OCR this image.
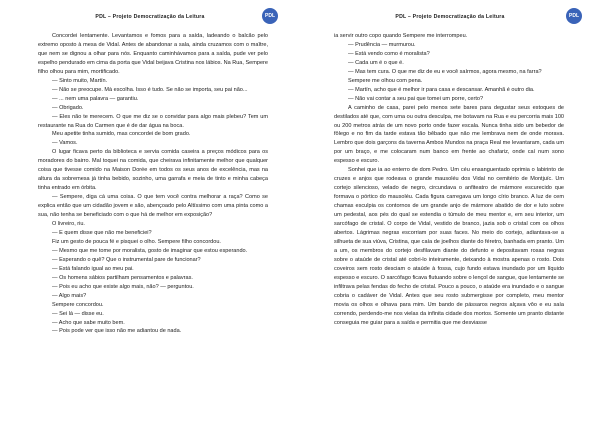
PDL – Projeto Democratização da Leitura	PDL

Concordei lentamente. Levantamos e fomos para a saída, ladeando o balcão pelo extremo oposto à mesa de Vidal. Antes de abandonar a sala, ainda cruzamos com o maître, que nem se dignou a olhar para nós. Enquanto caminhávamos para a saída, pude ver pelo espelho pendurado em cima da porta que Vidal beijava Cristina nos lábios. Na Rua, Sempere filho olhou para mim, mortificado.

— Sinto muito, Martín.

— Não se preocupe. Mà escolha. Isso é tudo. Se não se importa, seu pai não...

— ... nem uma palavra — garantiu.

— Obrigado.

— Eles não te merecem. O que me diz se o convidar para algo mais plebeu? Tem um restaurante na Rua do Carmen que é de dar água na boca.

Meu apetite tinha sumido, mas concordei de bom grado.

— Vamos.

O lugar ficava perto da biblioteca e servia comida caseira a preços módicos para os moradores do bairro. Mal toquei na comida, que cheirava infinitamente melhor que qualquer coisa que tivesse comido na Maison Dorée em todos os seus anos de excelência, mas na altura da sobremesa já tinha bebido, sozinho, uma garrafa e meia de tinto e minha cabeça tinha entrado em órbita.

— Sempere, diga cá uma coisa. O que tem você contra melhorar a raça? Como se explica então que um cidadão jovem e são, abençoado pelo Altíssimo com uma pinta como a sua, não tenha se beneficiado com o que há de melhor em exposição?

O livreiro, riu.

— E quem disse que não me beneficiei?

Fiz um gesto de pouca fé e pisquei o olho. Sempere filho concordou.

— Mesmo que me tome por moralista, gosto de imaginar que estou esperando.

— Esperando o quê? Que o instrumental pare de funcionar?

— Está falando igual ao meu pai.

— Os homens sábios partilham pensamentos e palavras.

— Pois eu acho que existe algo mais, não? — perguntou.

— Algo mais?

Sempere concordou.

— Sei lá — disse eu.

— Acho que sabe muito bem.

— Pois pode ver que isso não me adiantou de nada.

PDL – Projeto Democratização da Leitura	PDL

ia servir outro copo quando Sempere me interrompeu.

— Prudência — murmurou.

— Está vendo como é moralista?

— Cada um é o que é.

— Mas tem cura. O que me diz de eu e você saírmos, agora mesmo, na farra?

Sempere me olhou com pena.

— Martín, acho que é melhor ir para casa e descansar. Amanhã é outro dia.

— Não vai contar a seu pai que tomei um porre, certo?

A caminho de casa, parei pelo menos sete bares para degustar seus estoques de destilados até que, com uma ou outra desculpa, me botavam na Rua e eu percorria mais 100 ou 200 metros atrás de um novo porto onde fazer escala. Nunca tinha sido um bebedor de fôlego e no fim da tarde estava tão bêbado que não me lembrava nem de onde morava. Lembro que dois garçons da taverna Ambos Mundos na praça Real me levantaram, cada um por um braço, e me colocaram num banco em frente ao chafariz, onde caí num sono espesso e escuro.

Sonhei que ia ao enterro de dom Pedro. Um céu ensanguentado oprimia o labirinto de cruzes e anjos que rodeava o grande mausoléu dos Vidal no cemitério de Montjuïc. Um cortejo silencioso, velado de negro, circundava o anfiteatro de mármore escurecido que formava o pórtico do mausoléu. Cada figura carregava um longo círio branco. A luz de cem chamas esculpia os contornos de um grande anjo de mármore abatido de dor e luto sobre um pedestal, aos pés do qual se estendia o túmulo de meu mentor e, em seu interior, um sarcófago de cristal. O corpo de Vidal, vestido de branco, jazia sob o cristal com os olhos abertos. Lágrimas negras escorriam por suas faces. No meio do cortejo, adiantava-se a silhueta de sua viúva, Cristina, que caía de joelhos diante do féretro, banhada em pranto. Um a um, os membros do cortejo desfilavam diante do defunto e depositavam rosas negras sobre o ataúde de cristal até cobri-lo inteiramente, deixando à mostra apenas o rosto. Dois coveiros sem rosto desciam o ataúde à fossa, cujo fundo estava inundado por um líquido espesso e escuro. O sarcófago ficava flutuando sobre o lençol de sangue, que lentamente se infiltrava pelas fendas do fecho de cristal. Pouco a pouco, o ataúde era inundado e o sangue cobria o cadáver de Vidal. Antes que seu rosto submergisse por completo, meu mentor movia os olhos e olhava para mim. Um bando de pássaros negros alçava vôo e eu saía correndo, perdendo-me nos vielas da infinita cidade dos mortos. Somente um pranto distante conseguia me guiar para a saída e permitia que me desviasse
